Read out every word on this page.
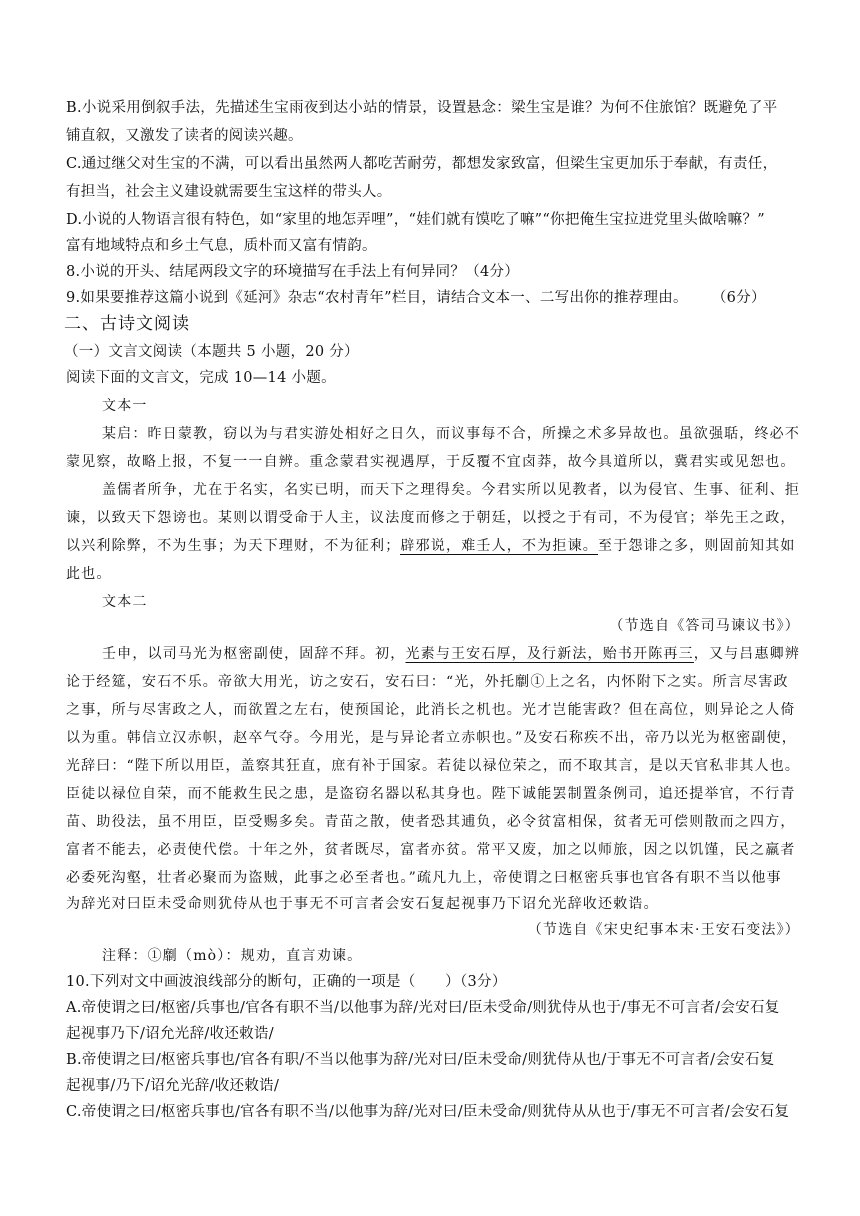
B.小说采用倒叙手法，先描述生宝雨夜到达小站的情景，设置悬念：梁生宝是谁？为何不住旅馆？既避免了平
铺直叙，又激发了读者的阅读兴趣。
C.通过继父对生宝的不满，可以看出虽然两人都吃苦耐劳，都想发家致富，但梁生宝更加乐于奉献，有责任，
有担当，社会主义建设就需要生宝这样的带头人。
D.小说的人物语言很有特色，如“家里的地怎弄哩”，“娃们就有馍吃了嘛”“你把俺生宝拉进党里头做啥嘛？”
富有地域特点和乡土气息，质朴而又富有情韵。
8.小说的开头、结尾两段文字的环境描写在手法上有何异同？（4分）
9.如果要推荐这篇小说到《延河》杂志“农村青年”栏目，请结合文本一、二写出你的推荐理由。 （6分）
二、古诗文阅读
（一）文言文阅读（本题共 5 小题，20 分）
阅读下面的文言文，完成 10—14 小题。
文本一
某启：昨日蒙教，窃以为与君实游处相好之日久，而议事每不合，所操之术多异故也。虽欲强聒，终必不
蒙见察，故略上报，不复一一自辨。重念蒙君实视遇厚，于反覆不宜卤莽，故今具道所以，冀君实或见恕也。
盖儒者所争，尤在于名实，名实已明，而天下之理得矣。今君实所以见教者，以为侵官、生事、征利、拒
谏，以致天下怨谤也。某则以谓受命于人主，议法度而修之于朝廷，以授之于有司，不为侵官；举先王之政，
以兴利除弊，不为生事；为天下理财，不为征利；辟邪说，难壬人，不为拒谏。至于怨诽之多，则固前知其如
此也。
文本二
（节选自《答司马谏议书》）
壬申，以司马光为枢密副使，固辞不拜。初，光素与王安石厚，及行新法，贻书开陈再三，又与吕惠卿辨
论于经筵，安石不乐。帝欲大用光，访之安石，安石曰：“光，外托劘①上之名，内怀附下之实。所言尽害政
之事，所与尽害政之人，而欲置之左右，使预国论，此消长之机也。光才岂能害政？但在高位，则异论之人倚
以为重。韩信立汉赤帜，赵卒气夺。今用光，是与异论者立赤帜也。”及安石称疾不出，帝乃以光为枢密副使，
光辞曰：“陛下所以用臣，盖察其狂直，庶有补于国家。若徒以禄位荣之，而不取其言，是以天官私非其人也。
臣徒以禄位自荣，而不能救生民之患，是盗窃名器以私其身也。陛下诚能罢制置条例司，追还提举官，不行青
苗、助役法，虽不用臣，臣受赐多矣。青苗之散，使者恐其逋负，必令贫富相保，贫者无可偿则散而之四方，
富者不能去，必责使代偿。十年之外，贫者既尽，富者亦贫。常平又废，加之以师旅，因之以饥馑，民之羸者
必委死沟壑，壮者必聚而为盗贼，此事之必至者也。”疏凡九上，帝使谓之曰枢密兵事也官各有职不当以他事
为辞光对曰臣未受命则犹侍从也于事无不可言者会安石复起视事乃下诏允光辞收还敕诰。
（节选自《宋史纪事本末·王安石变法》）
注释：①劘（mò）：规劝，直言劝谏。
10.下列对文中画波浪线部分的断句，正确的一项是（　　）（3分）
A.帝使谓之曰/枢密/兵事也/官各有职不当/以他事为辞/光对曰/臣未受命/则犹侍从也于/事无不可言者/会安石复
起视事乃下/诏允光辞/收还敕诰/
B.帝使谓之曰/枢密兵事也/官各有职/不当以他事为辞/光对曰/臣未受命/则犹侍从也/于事无不可言者/会安石复
起视事/乃下/诏允光辞/收还敕诰/
C.帝使谓之曰/枢密兵事也/官各有职不当/以他事为辞/光对曰/臣未受命/则犹侍从从也于/事无不可言者/会安石复
